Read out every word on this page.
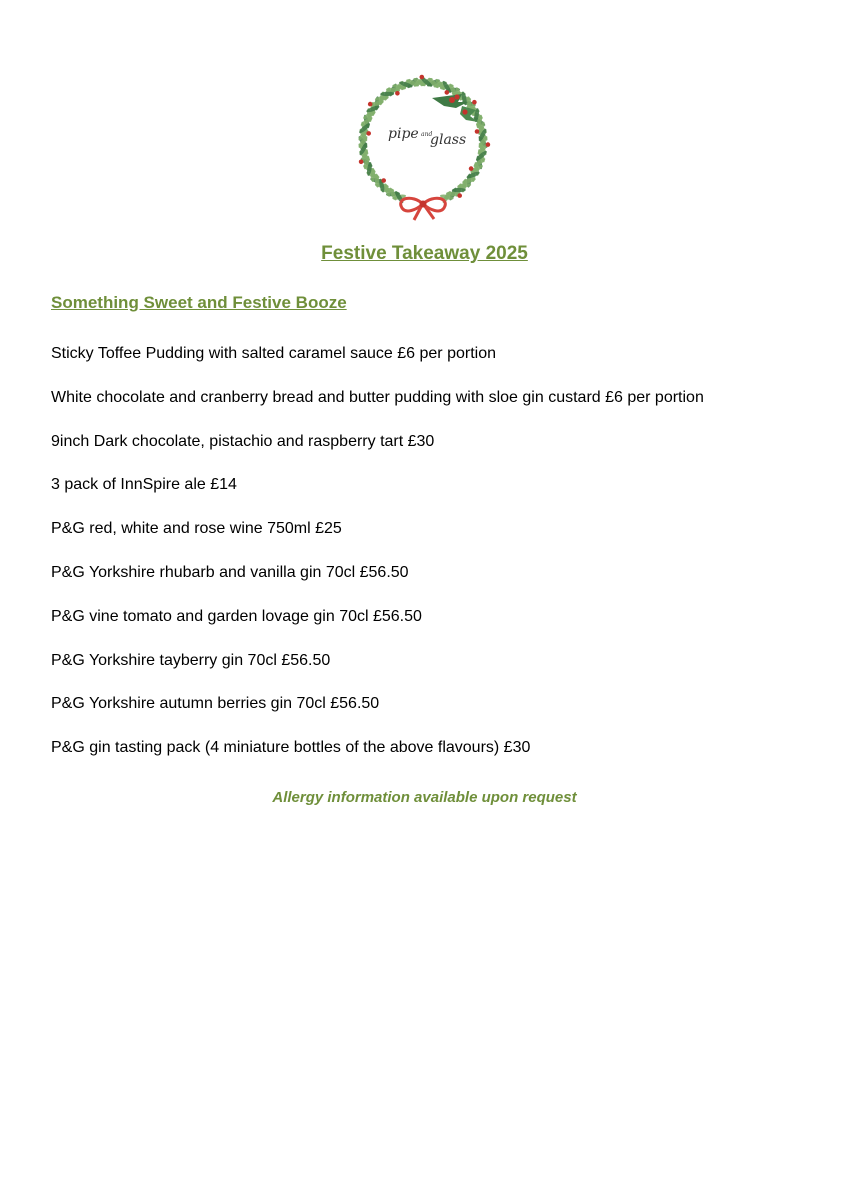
pipe and
glass
Festive Takeaway 2025
Something Sweet and Festive Booze
Sticky Toffee Pudding with salted caramel sauce £6 per portion
White chocolate and cranberry bread and butter pudding with sloe gin custard £6 per portion
9inch Dark chocolate, pistachio and raspberry tart £30
3 pack of InnSpire ale £14
P&G red, white and rose wine 750ml £25
P&G Yorkshire rhubarb and vanilla gin 70cl £56.50
P&G vine tomato and garden lovage gin 70cl £56.50
P&G Yorkshire tayberry gin 70cl £56.50
P&G Yorkshire autumn berries gin 70cl £56.50
P&G gin tasting pack (4 miniature bottles of the above flavours) £30

Allergy information available upon request
